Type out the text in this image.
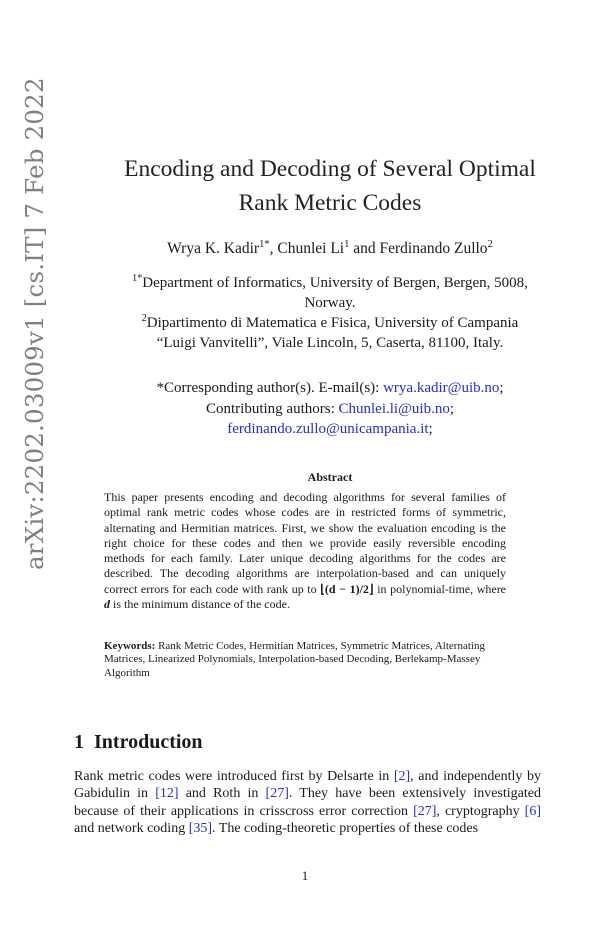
arXiv:2202.03009v1 [cs.IT] 7 Feb 2022	Encoding and Decoding of Several Optimal
Rank Metric Codes
Wrya K. Kadir$^{1*}$, Chunlei Li$^1$ and Ferdinando Zullo$^2$
$^{1*}$Department of Informatics, University of Bergen, Bergen, 5008,
Norway.
$^2$Dipartimento di Matematica e Fisica, University of Campania
“Luigi Vanvitelli”, Viale Lincoln, 5, Caserta, 81100, Italy.
*Corresponding author(s). E-mail(s): wrya.kadir@uib.no;
Contributing authors: Chunlei.li@uib.no;
ferdinando.zullo@unicampania.it;
Abstract
This paper presents encoding and decoding algorithms for several families of optimal rank metric codes whose codes are in restricted forms of symmetric, alternating and Hermitian matrices. First, we show the evaluation encoding is the right choice for these codes and then we provide easily reversible encoding methods for each family. Later unique decoding algorithms for the codes are described. The decoding algorithms are interpolation-based and can uniquely correct errors for each code with rank up to ⌊(d − 1)/2⌋ in polynomial-time, where d is the minimum distance of the code.
Keywords: Rank Metric Codes, Hermitian Matrices, Symmetric Matrices, Alternating Matrices, Linearized Polynomials, Interpolation-based Decoding, Berlekamp-Massey Algorithm
1 Introduction
Rank metric codes were introduced first by Delsarte in [2], and independently by Gabidulin in [12] and Roth in [27]. They have been extensively investigated because of their applications in crisscross error correction [27], cryptography [6] and network coding [35]. The coding-theoretic properties of these codes
1
